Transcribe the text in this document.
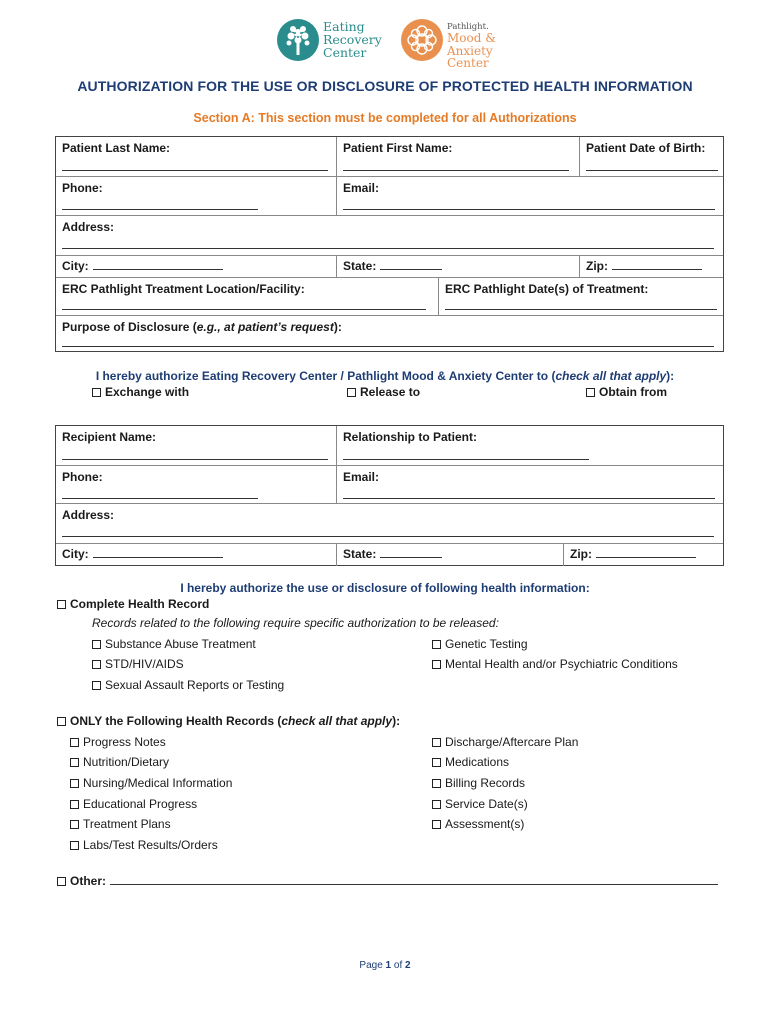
Eating
Recovery
Center
Pathlight.
Mood &
Anxiety
Center
AUTHORIZATION FOR THE USE OR DISCLOSURE OF PROTECTED HEALTH INFORMATION
Section A: This section must be completed for all Authorizations
Patient Last Name:	Patient First Name:	Patient Date of Birth:
Phone:	Email:
Address:
City:	State:	Zip:
ERC Pathlight Treatment Location/Facility:	ERC Pathlight Date(s) of Treatment:
Purpose of Disclosure (e.g., at patient’s request):
I hereby authorize Eating Recovery Center / Pathlight Mood & Anxiety Center to (check all that apply):
Exchange with	Release to	Obtain from
Recipient Name:	Relationship to Patient:
Phone:	Email:
Address:
City:	State:	Zip:
I hereby authorize the use or disclosure of following health information:
Complete Health Record
Records related to the following require specific authorization to be released:
Substance Abuse Treatment
STD/HIV/AIDS
Sexual Assault Reports or Testing
Genetic Testing
Mental Health and/or Psychiatric Conditions
ONLY the Following Health Records (check all that apply):
Progress Notes
Nutrition/Dietary
Nursing/Medical Information
Educational Progress
Treatment Plans
Labs/Test Results/Orders
Discharge/Aftercare Plan
Medications
Billing Records
Service Date(s)
Assessment(s)
Other:
Page 1 of 2
